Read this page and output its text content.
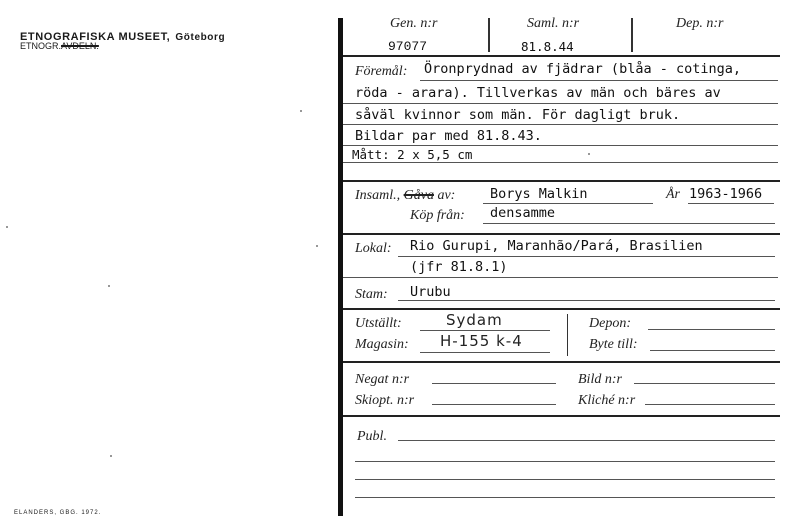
ETNOGRAFISKA MUSEET, Göteborg
ETNOGR.AVDELN.
ELANDERS, GBG. 1972.
Gen. n:r
97077
Saml. n:r
81.8.44
Dep. n:r
Föremål: Öronprydnad av fjädrar (blåa - cotinga,
röda - arara). Tillverkas av män och bäres av
såväl kvinnor som män. För dagligt bruk.
Bildar par med 81.8.43.
Mått: 2 x 5,5 cm
Insaml., Gåva av:	Borys Malkin	År 1963-1966
Köp från: densamme
Lokal: Rio Gurupi, Maranhão/Pará, Brasilien
(jfr 81.8.1)
Stam: Urubu
Utställt:	Sydam
Magasin: H-155 k-4
Depon:
Byte till:
Negat n:r	Bild n:r
Skiopt. n:r	Kliché n:r
Publ.
